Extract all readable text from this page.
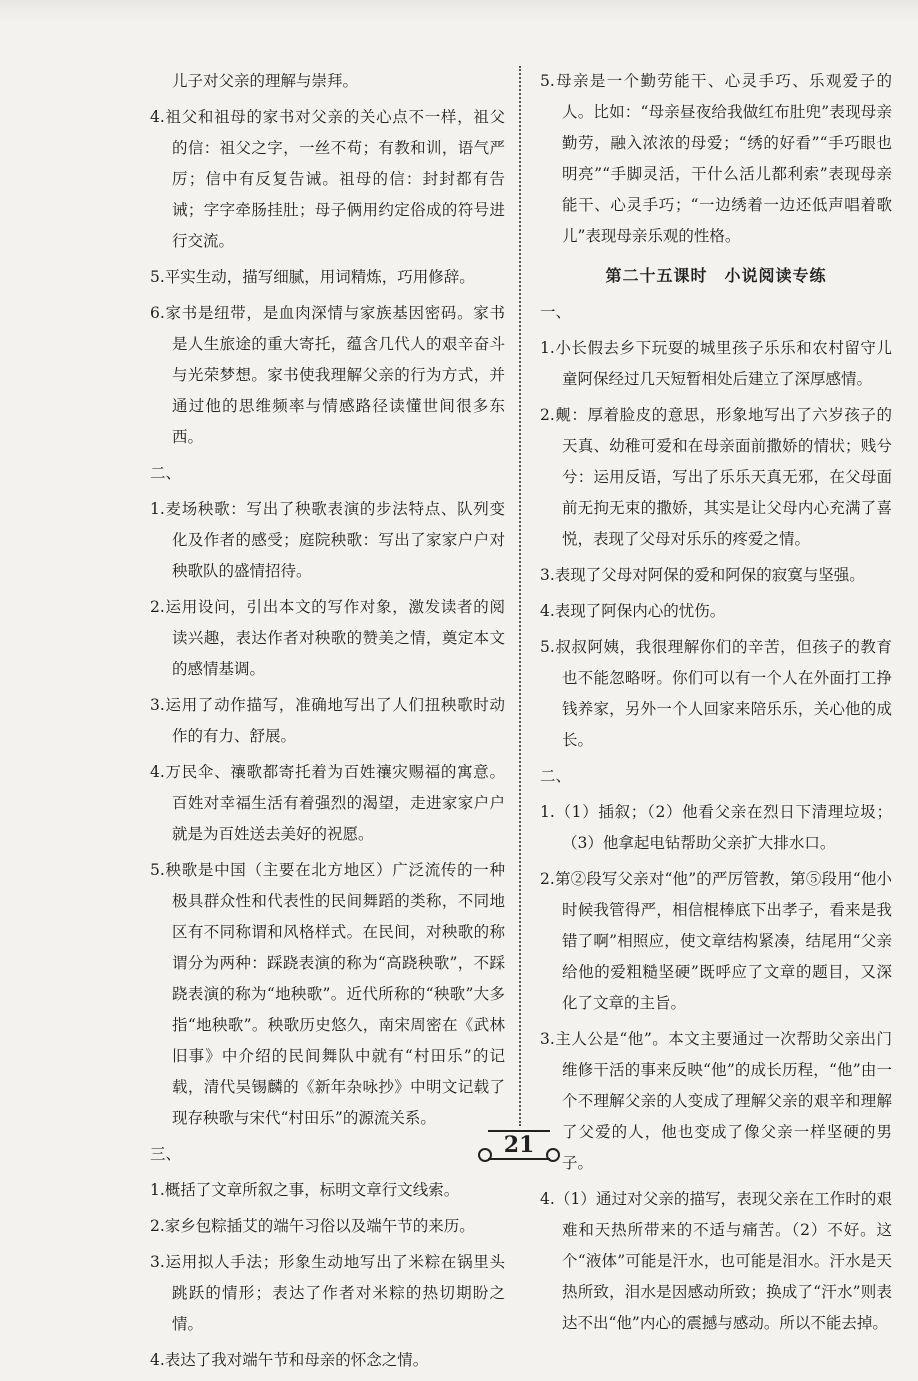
儿子对父亲的理解与崇拜。
4.祖父和祖母的家书对父亲的关心点不一样，祖父的信：祖父之字，一丝不苟；有教和训，语气严厉；信中有反复告诫。祖母的信：封封都有告诫；字字牵肠挂肚；母子俩用约定俗成的符号进行交流。
5.平实生动，描写细腻，用词精炼，巧用修辞。
6.家书是纽带，是血肉深情与家族基因密码。家书是人生旅途的重大寄托，蕴含几代人的艰辛奋斗与光荣梦想。家书使我理解父亲的行为方式，并通过他的思维频率与情感路径读懂世间很多东西。
二、
1.麦场秧歌：写出了秧歌表演的步法特点、队列变化及作者的感受；庭院秧歌：写出了家家户户对秧歌队的盛情招待。
2.运用设问，引出本文的写作对象，激发读者的阅读兴趣，表达作者对秧歌的赞美之情，奠定本文的感情基调。
3.运用了动作描写，准确地写出了人们扭秧歌时动作的有力、舒展。
4.万民伞、禳歌都寄托着为百姓禳灾赐福的寓意。百姓对幸福生活有着强烈的渴望，走进家家户户就是为百姓送去美好的祝愿。
5.秧歌是中国（主要在北方地区）广泛流传的一种极具群众性和代表性的民间舞蹈的类称，不同地区有不同称谓和风格样式。在民间，对秧歌的称谓分为两种：踩跷表演的称为“高跷秧歌”，不踩跷表演的称为“地秧歌”。近代所称的“秧歌”大多指“地秧歌”。秧歌历史悠久，南宋周密在《武林旧事》中介绍的民间舞队中就有“村田乐”的记载，清代吴锡麟的《新年杂咏抄》中明文记载了现存秧歌与宋代“村田乐”的源流关系。
三、
1.概括了文章所叙之事，标明文章行文线索。
2.家乡包粽插艾的端午习俗以及端午节的来历。
3.运用拟人手法；形象生动地写出了米粽在锅里头跳跃的情形；表达了作者对米粽的热切期盼之情。
4.表达了我对端午节和母亲的怀念之情。
5.母亲是一个勤劳能干、心灵手巧、乐观爱子的人。比如：“母亲昼夜给我做红布肚兜”表现母亲勤劳，融入浓浓的母爱；“绣的好看”“手巧眼也明亮”“手脚灵活，干什么活儿都利索”表现母亲能干、心灵手巧；“一边绣着一边还低声唱着歌儿”表现母亲乐观的性格。
第二十五课时　小说阅读专练
一、
1.小长假去乡下玩耍的城里孩子乐乐和农村留守儿童阿保经过几天短暂相处后建立了深厚感情。
2.觍：厚着脸皮的意思，形象地写出了六岁孩子的天真、幼稚可爱和在母亲面前撒娇的情状；贱兮兮：运用反语，写出了乐乐天真无邪，在父母面前无拘无束的撒娇，其实是让父母内心充满了喜悦，表现了父母对乐乐的疼爱之情。
3.表现了父母对阿保的爱和阿保的寂寞与坚强。
4.表现了阿保内心的忧伤。
5.叔叔阿姨，我很理解你们的辛苦，但孩子的教育也不能忽略呀。你们可以有一个人在外面打工挣钱养家，另外一个人回家来陪乐乐，关心他的成长。
二、
1.（1）插叙；（2）他看父亲在烈日下清理垃圾；（3）他拿起电钻帮助父亲扩大排水口。
2.第②段写父亲对“他”的严厉管教，第⑤段用“他小时候我管得严，相信棍棒底下出孝子，看来是我错了啊”相照应，使文章结构紧凑，结尾用“父亲给他的爱粗糙坚硬”既呼应了文章的题目，又深化了文章的主旨。
3.主人公是“他”。本文主要通过一次帮助父亲出门维修干活的事来反映“他”的成长历程，“他”由一个不理解父亲的人变成了理解父亲的艰辛和理解了父爱的人，他也变成了像父亲一样坚硬的男子。
4.（1）通过对父亲的描写，表现父亲在工作时的艰难和天热所带来的不适与痛苦。（2）不好。这个“液体”可能是汗水，也可能是泪水。汗水是天热所致，泪水是因感动所致；换成了“汗水”则表达不出“他”内心的震撼与感动。所以不能去掉。
21
